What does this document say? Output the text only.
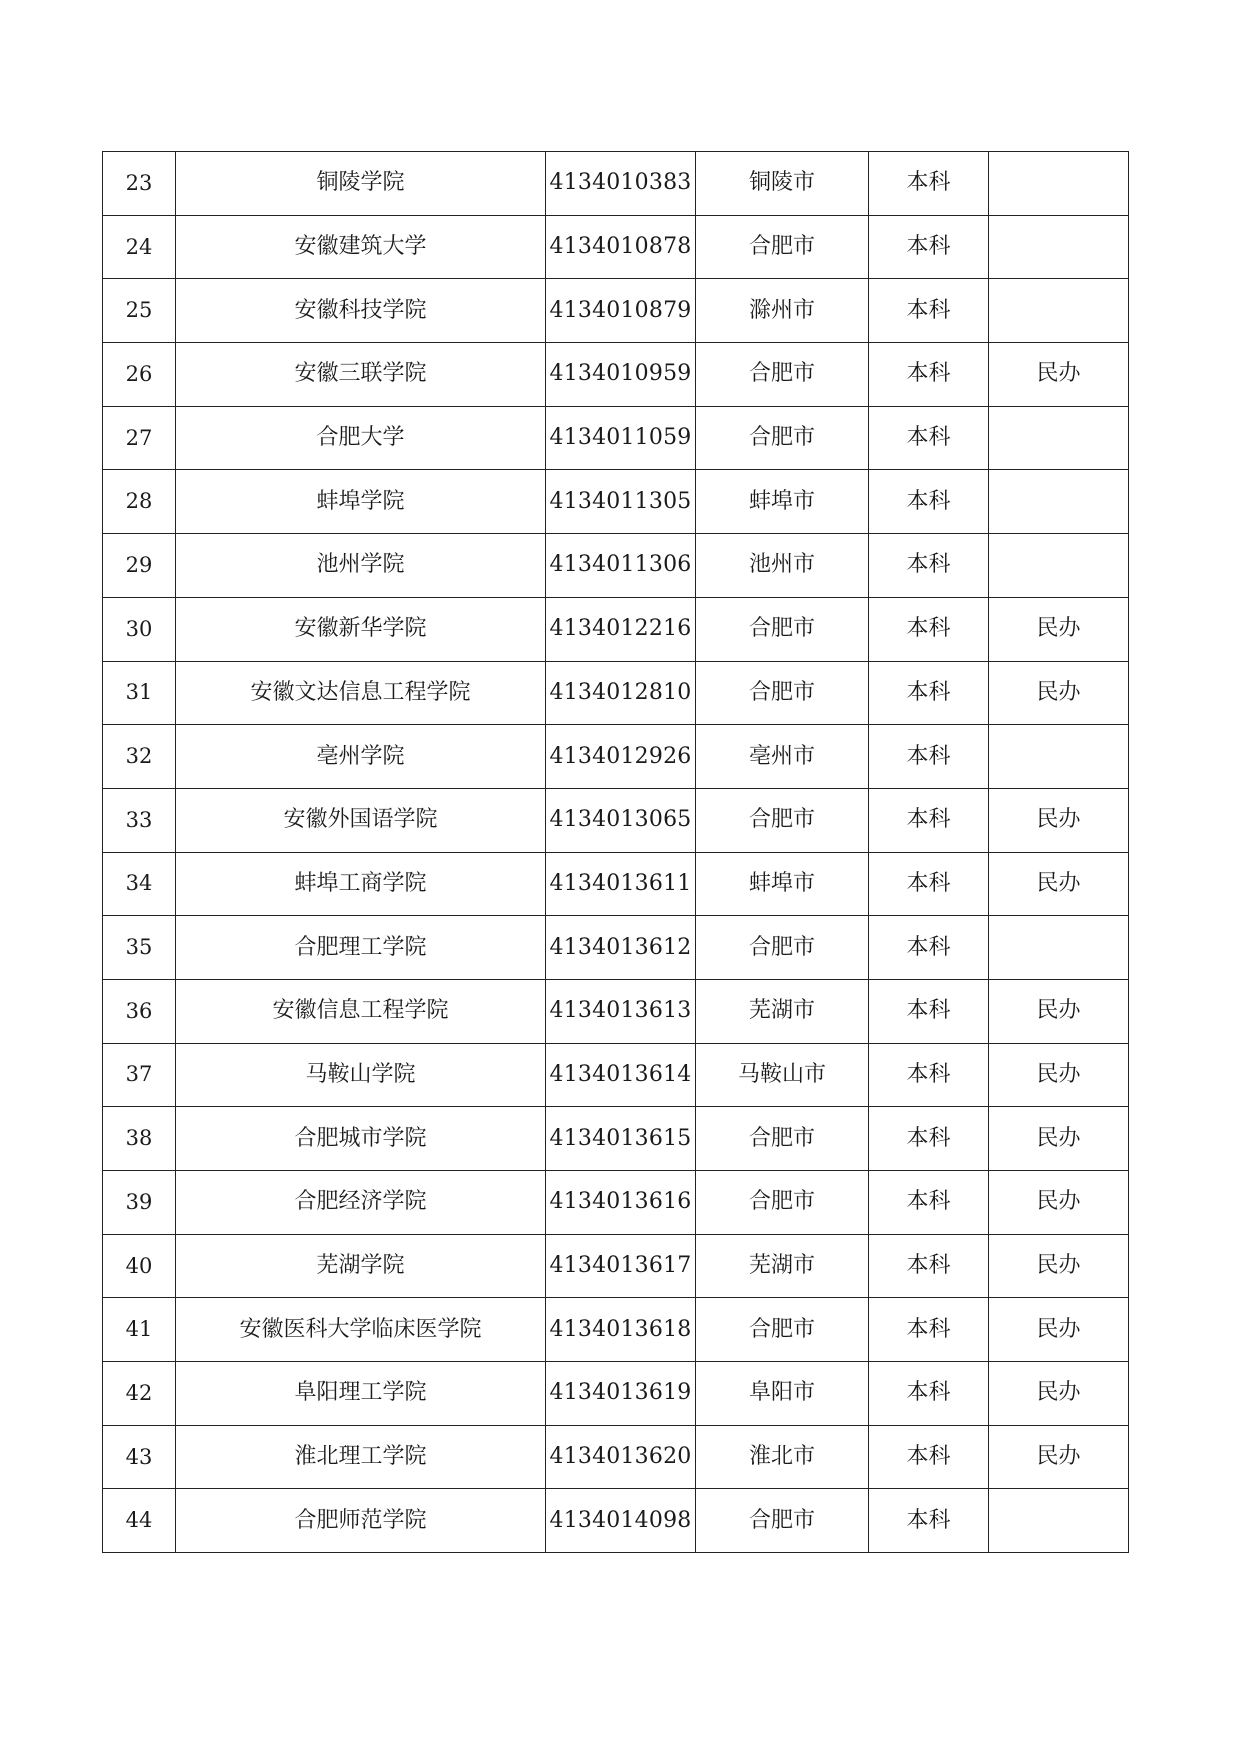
23	铜陵学院	4134010383	铜陵市	本科	
24	安徽建筑大学	4134010878	合肥市	本科	
25	安徽科技学院	4134010879	滁州市	本科	
26	安徽三联学院	4134010959	合肥市	本科	民办
27	合肥大学	4134011059	合肥市	本科	
28	蚌埠学院	4134011305	蚌埠市	本科	
29	池州学院	4134011306	池州市	本科	
30	安徽新华学院	4134012216	合肥市	本科	民办
31	安徽文达信息工程学院	4134012810	合肥市	本科	民办
32	亳州学院	4134012926	亳州市	本科	
33	安徽外国语学院	4134013065	合肥市	本科	民办
34	蚌埠工商学院	4134013611	蚌埠市	本科	民办
35	合肥理工学院	4134013612	合肥市	本科	
36	安徽信息工程学院	4134013613	芜湖市	本科	民办
37	马鞍山学院	4134013614	马鞍山市	本科	民办
38	合肥城市学院	4134013615	合肥市	本科	民办
39	合肥经济学院	4134013616	合肥市	本科	民办
40	芜湖学院	4134013617	芜湖市	本科	民办
41	安徽医科大学临床医学院	4134013618	合肥市	本科	民办
42	阜阳理工学院	4134013619	阜阳市	本科	民办
43	淮北理工学院	4134013620	淮北市	本科	民办
44	合肥师范学院	4134014098	合肥市	本科	
